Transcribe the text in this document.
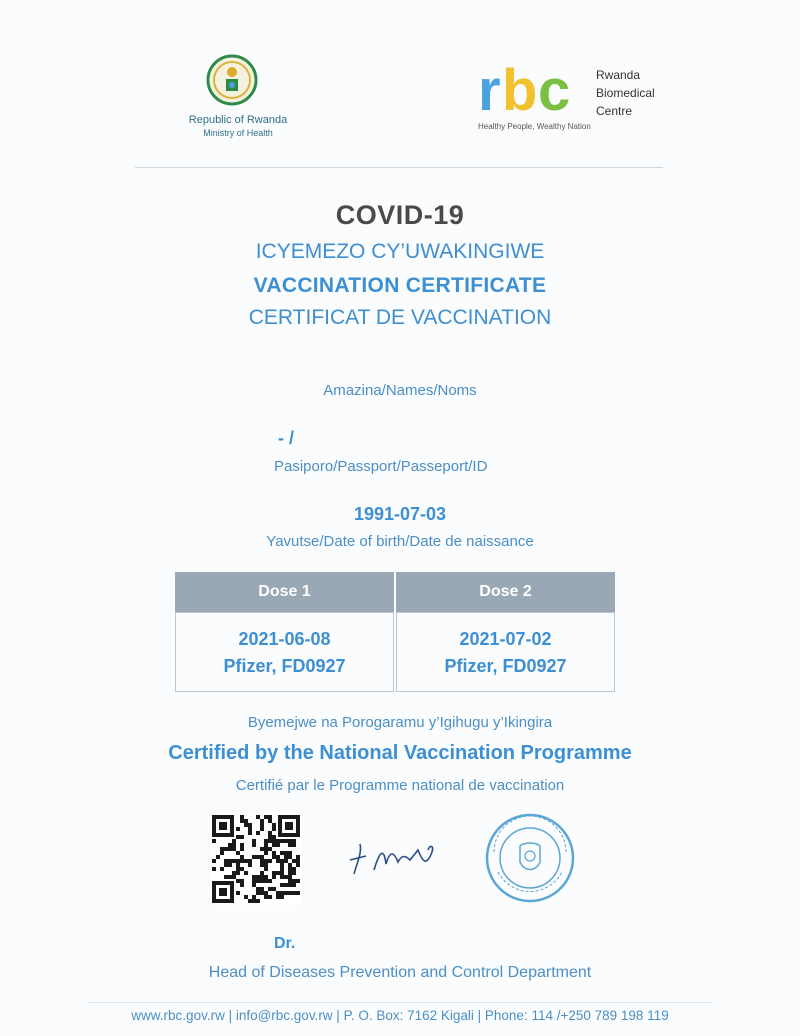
Republic of Rwanda
Ministry of Health
r b c Rwanda
Biomedical
Centre
Healthy People, Wealthy Nation
COVID-19
ICYEMEZO CY’UWAKINGIWE
VACCINATION CERTIFICATE
CERTIFICAT DE VACCINATION
Amazina/Names/Noms
- /
Pasiporo/Passport/Passeport/ID
1991-07-03
Yavutse/Date of birth/Date de naissance
Dose 1	Dose 2
2021-06-08
Pfizer, FD0927
2021-07-02
Pfizer, FD0927
Byemejwe na Porogaramu y’Igihugu y’Ikingira
Certified by the National Vaccination Programme
Certifié par le Programme national de vaccination
Dr.
Head of Diseases Prevention and Control Department
www.rbc.gov.rw | info@rbc.gov.rw | P. O. Box: 7162 Kigali | Phone: 114 /+250 789 198 119
